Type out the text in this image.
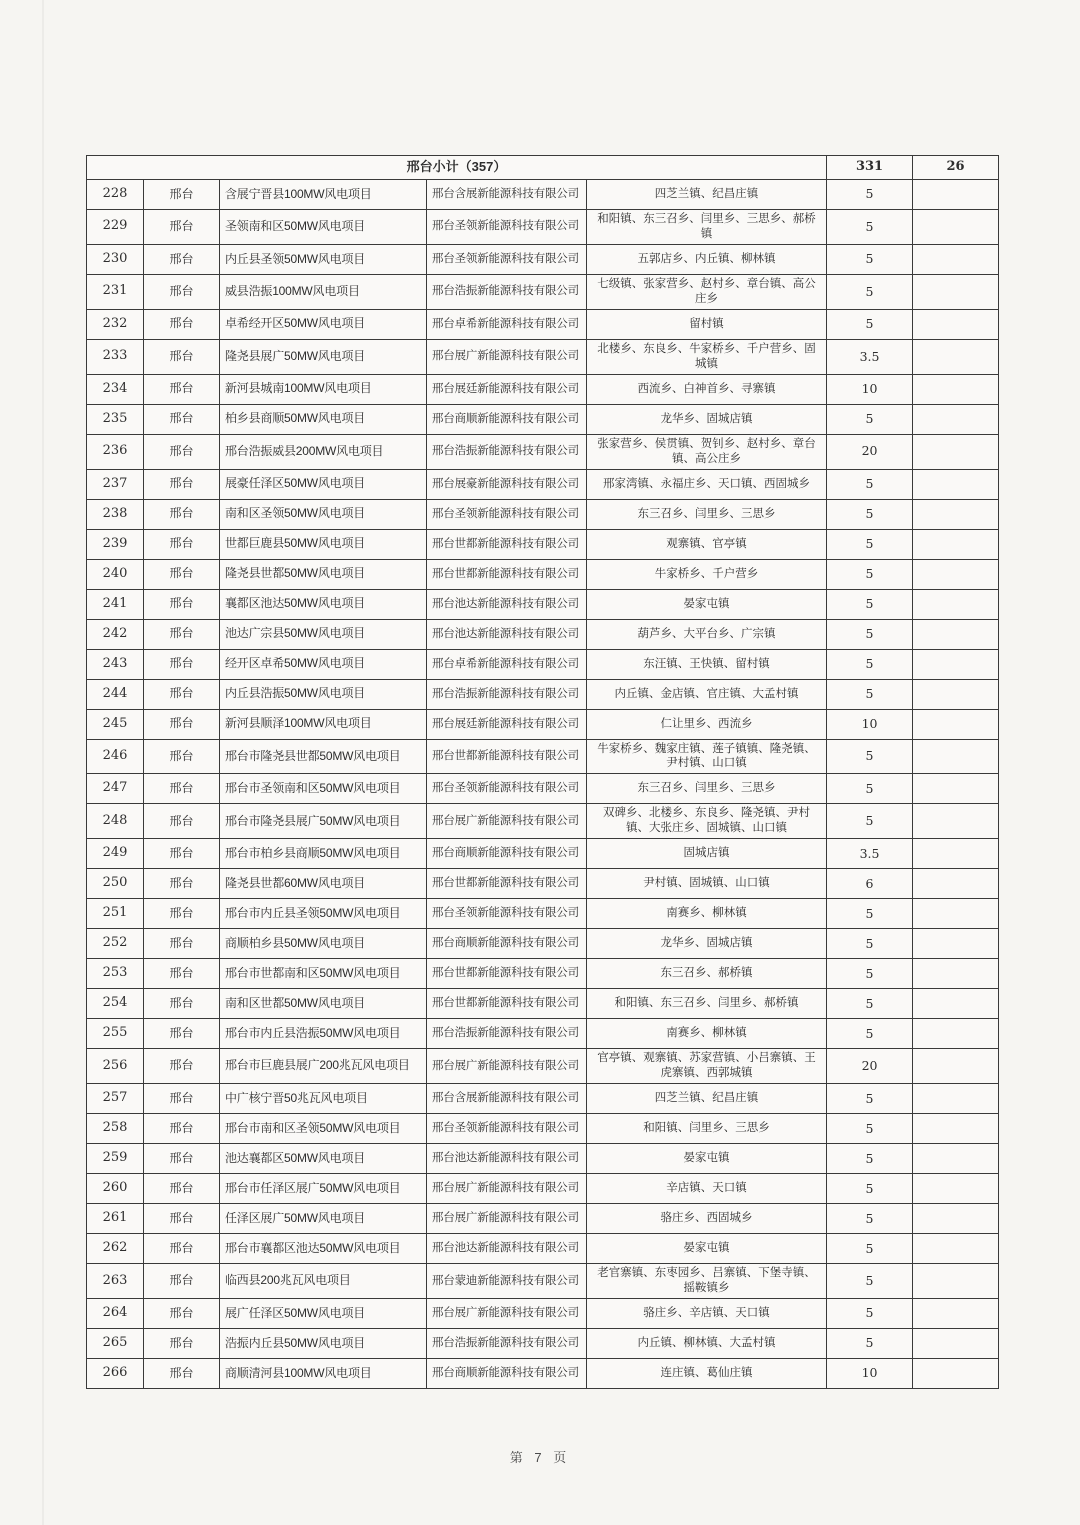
邢台小计（357）					331	26
228	邢台	含展宁晋县100MW风电项目	邢台含展新能源科技有限公司	四芝兰镇、纪昌庄镇	5	
229	邢台	圣领南和区50MW风电项目	邢台圣领新能源科技有限公司	和阳镇、东三召乡、闫里乡、三思乡、郝桥镇	5	
230	邢台	内丘县圣领50MW风电项目	邢台圣领新能源科技有限公司	五郭店乡、内丘镇、柳林镇	5	
231	邢台	威县浩振100MW风电项目	邢台浩振新能源科技有限公司	七级镇、张家营乡、赵村乡、章台镇、高公庄乡	5	
232	邢台	卓希经开区50MW风电项目	邢台卓希新能源科技有限公司	留村镇	5	
233	邢台	隆尧县展广50MW风电项目	邢台展广新能源科技有限公司	北楼乡、东良乡、牛家桥乡、千户营乡、固城镇	3.5	
234	邢台	新河县城南100MW风电项目	邢台展廷新能源科技有限公司	西流乡、白神首乡、寻寨镇	10	
235	邢台	柏乡县商顺50MW风电项目	邢台商顺新能源科技有限公司	龙华乡、固城店镇	5	
236	邢台	邢台浩振威县200MW风电项目	邢台浩振新能源科技有限公司	张家营乡、侯贯镇、贺钊乡、赵村乡、章台镇、高公庄乡	20	
237	邢台	展豪任泽区50MW风电项目	邢台展豪新能源科技有限公司	邢家湾镇、永福庄乡、天口镇、西固城乡	5	
238	邢台	南和区圣领50MW风电项目	邢台圣领新能源科技有限公司	东三召乡、闫里乡、三思乡	5	
239	邢台	世都巨鹿县50MW风电项目	邢台世都新能源科技有限公司	观寨镇、官亭镇	5	
240	邢台	隆尧县世都50MW风电项目	邢台世都新能源科技有限公司	牛家桥乡、千户营乡	5	
241	邢台	襄都区池达50MW风电项目	邢台池达新能源科技有限公司	晏家屯镇	5	
242	邢台	池达广宗县50MW风电项目	邢台池达新能源科技有限公司	葫芦乡、大平台乡、广宗镇	5	
243	邢台	经开区卓希50MW风电项目	邢台卓希新能源科技有限公司	东汪镇、王快镇、留村镇	5	
244	邢台	内丘县浩振50MW风电项目	邢台浩振新能源科技有限公司	内丘镇、金店镇、官庄镇、大孟村镇	5	
245	邢台	新河县顺泽100MW风电项目	邢台展廷新能源科技有限公司	仁让里乡、西流乡	10	
246	邢台	邢台市隆尧县世都50MW风电项目	邢台世都新能源科技有限公司	牛家桥乡、魏家庄镇、莲子镇镇、隆尧镇、尹村镇、山口镇	5	
247	邢台	邢台市圣领南和区50MW风电项目	邢台圣领新能源科技有限公司	东三召乡、闫里乡、三思乡	5	
248	邢台	邢台市隆尧县展广50MW风电项目	邢台展广新能源科技有限公司	双碑乡、北楼乡、东良乡、隆尧镇、尹村镇、大张庄乡、固城镇、山口镇	5	
249	邢台	邢台市柏乡县商顺50MW风电项目	邢台商顺新能源科技有限公司	固城店镇	3.5	
250	邢台	隆尧县世都60MW风电项目	邢台世都新能源科技有限公司	尹村镇、固城镇、山口镇	6	
251	邢台	邢台市内丘县圣领50MW风电项目	邢台圣领新能源科技有限公司	南赛乡、柳林镇	5	
252	邢台	商顺柏乡县50MW风电项目	邢台商顺新能源科技有限公司	龙华乡、固城店镇	5	
253	邢台	邢台市世都南和区50MW风电项目	邢台世都新能源科技有限公司	东三召乡、郝桥镇	5	
254	邢台	南和区世都50MW风电项目	邢台世都新能源科技有限公司	和阳镇、东三召乡、闫里乡、郝桥镇	5	
255	邢台	邢台市内丘县浩振50MW风电项目	邢台浩振新能源科技有限公司	南赛乡、柳林镇	5	
256	邢台	邢台市巨鹿县展广200兆瓦风电项目	邢台展广新能源科技有限公司	官亭镇、观寨镇、苏家营镇、小吕寨镇、王虎寨镇、西郭城镇	20	
257	邢台	中广核宁晋50兆瓦风电项目	邢台含展新能源科技有限公司	四芝兰镇、纪昌庄镇	5	
258	邢台	邢台市南和区圣领50MW风电项目	邢台圣领新能源科技有限公司	和阳镇、闫里乡、三思乡	5	
259	邢台	池达襄都区50MW风电项目	邢台池达新能源科技有限公司	晏家屯镇	5	
260	邢台	邢台市任泽区展广50MW风电项目	邢台展广新能源科技有限公司	辛店镇、天口镇	5	
261	邢台	任泽区展广50MW风电项目	邢台展广新能源科技有限公司	骆庄乡、西固城乡	5	
262	邢台	邢台市襄都区池达50MW风电项目	邢台池达新能源科技有限公司	晏家屯镇	5	
263	邢台	临西县200兆瓦风电项目	邢台蒙迪新能源科技有限公司	老官寨镇、东枣园乡、吕寨镇、下堡寺镇、摇鞍镇乡	5	
264	邢台	展广任泽区50MW风电项目	邢台展广新能源科技有限公司	骆庄乡、辛店镇、天口镇	5	
265	邢台	浩振内丘县50MW风电项目	邢台浩振新能源科技有限公司	内丘镇、柳林镇、大孟村镇	5	
266	邢台	商顺清河县100MW风电项目	邢台商顺新能源科技有限公司	连庄镇、葛仙庄镇	10	
第 7 页
